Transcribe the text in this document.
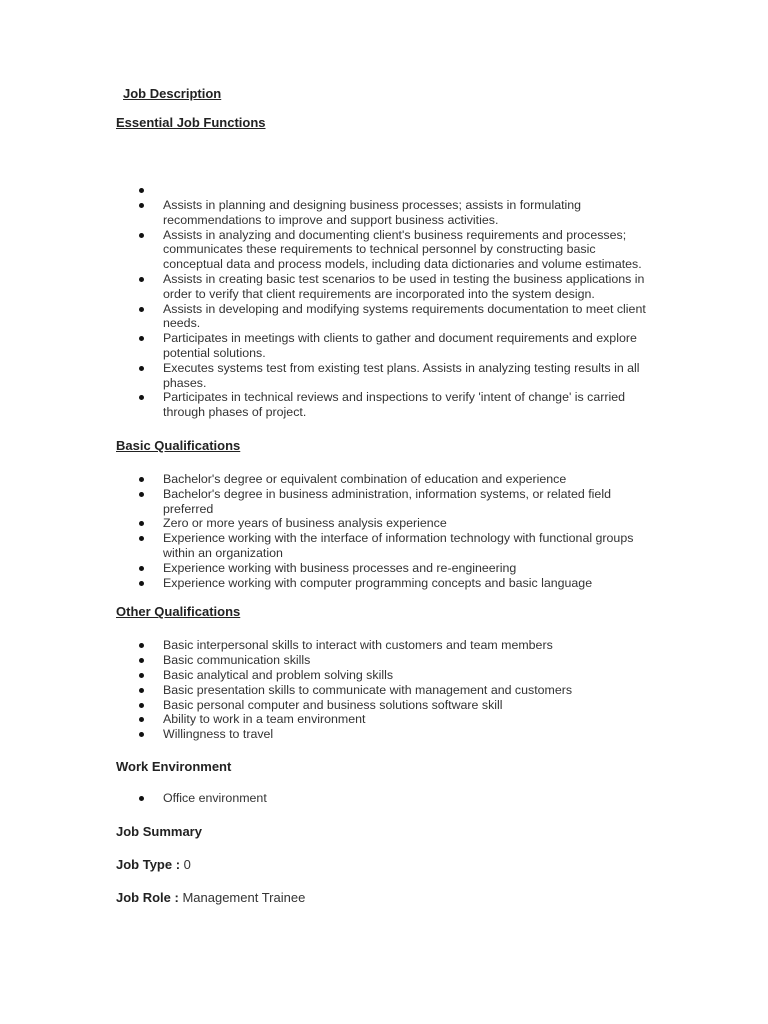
Job Description
Essential Job Functions
Assists in planning and designing business processes; assists in formulating recommendations to improve and support business activities.
Assists in analyzing and documenting client's business requirements and processes; communicates these requirements to technical personnel by constructing basic conceptual data and process models, including data dictionaries and volume estimates.
Assists in creating basic test scenarios to be used in testing the business applications in order to verify that client requirements are incorporated into the system design.
Assists in developing and modifying systems requirements documentation to meet client needs.
Participates in meetings with clients to gather and document requirements and explore potential solutions.
Executes systems test from existing test plans. Assists in analyzing testing results in all phases.
Participates in technical reviews and inspections to verify 'intent of change' is carried through phases of project.
Basic Qualifications
Bachelor's degree or equivalent combination of education and experience
Bachelor's degree in business administration, information systems, or related field preferred
Zero or more years of business analysis experience
Experience working with the interface of information technology with functional groups within an organization
Experience working with business processes and re-engineering
Experience working with computer programming concepts and basic language
Other Qualifications
Basic interpersonal skills to interact with customers and team members
Basic communication skills
Basic analytical and problem solving skills
Basic presentation skills to communicate with management and customers
Basic personal computer and business solutions software skill
Ability to work in a team environment
Willingness to travel
Work Environment
Office environment
Job Summary
Job Type : 0
Job Role : Management Trainee
